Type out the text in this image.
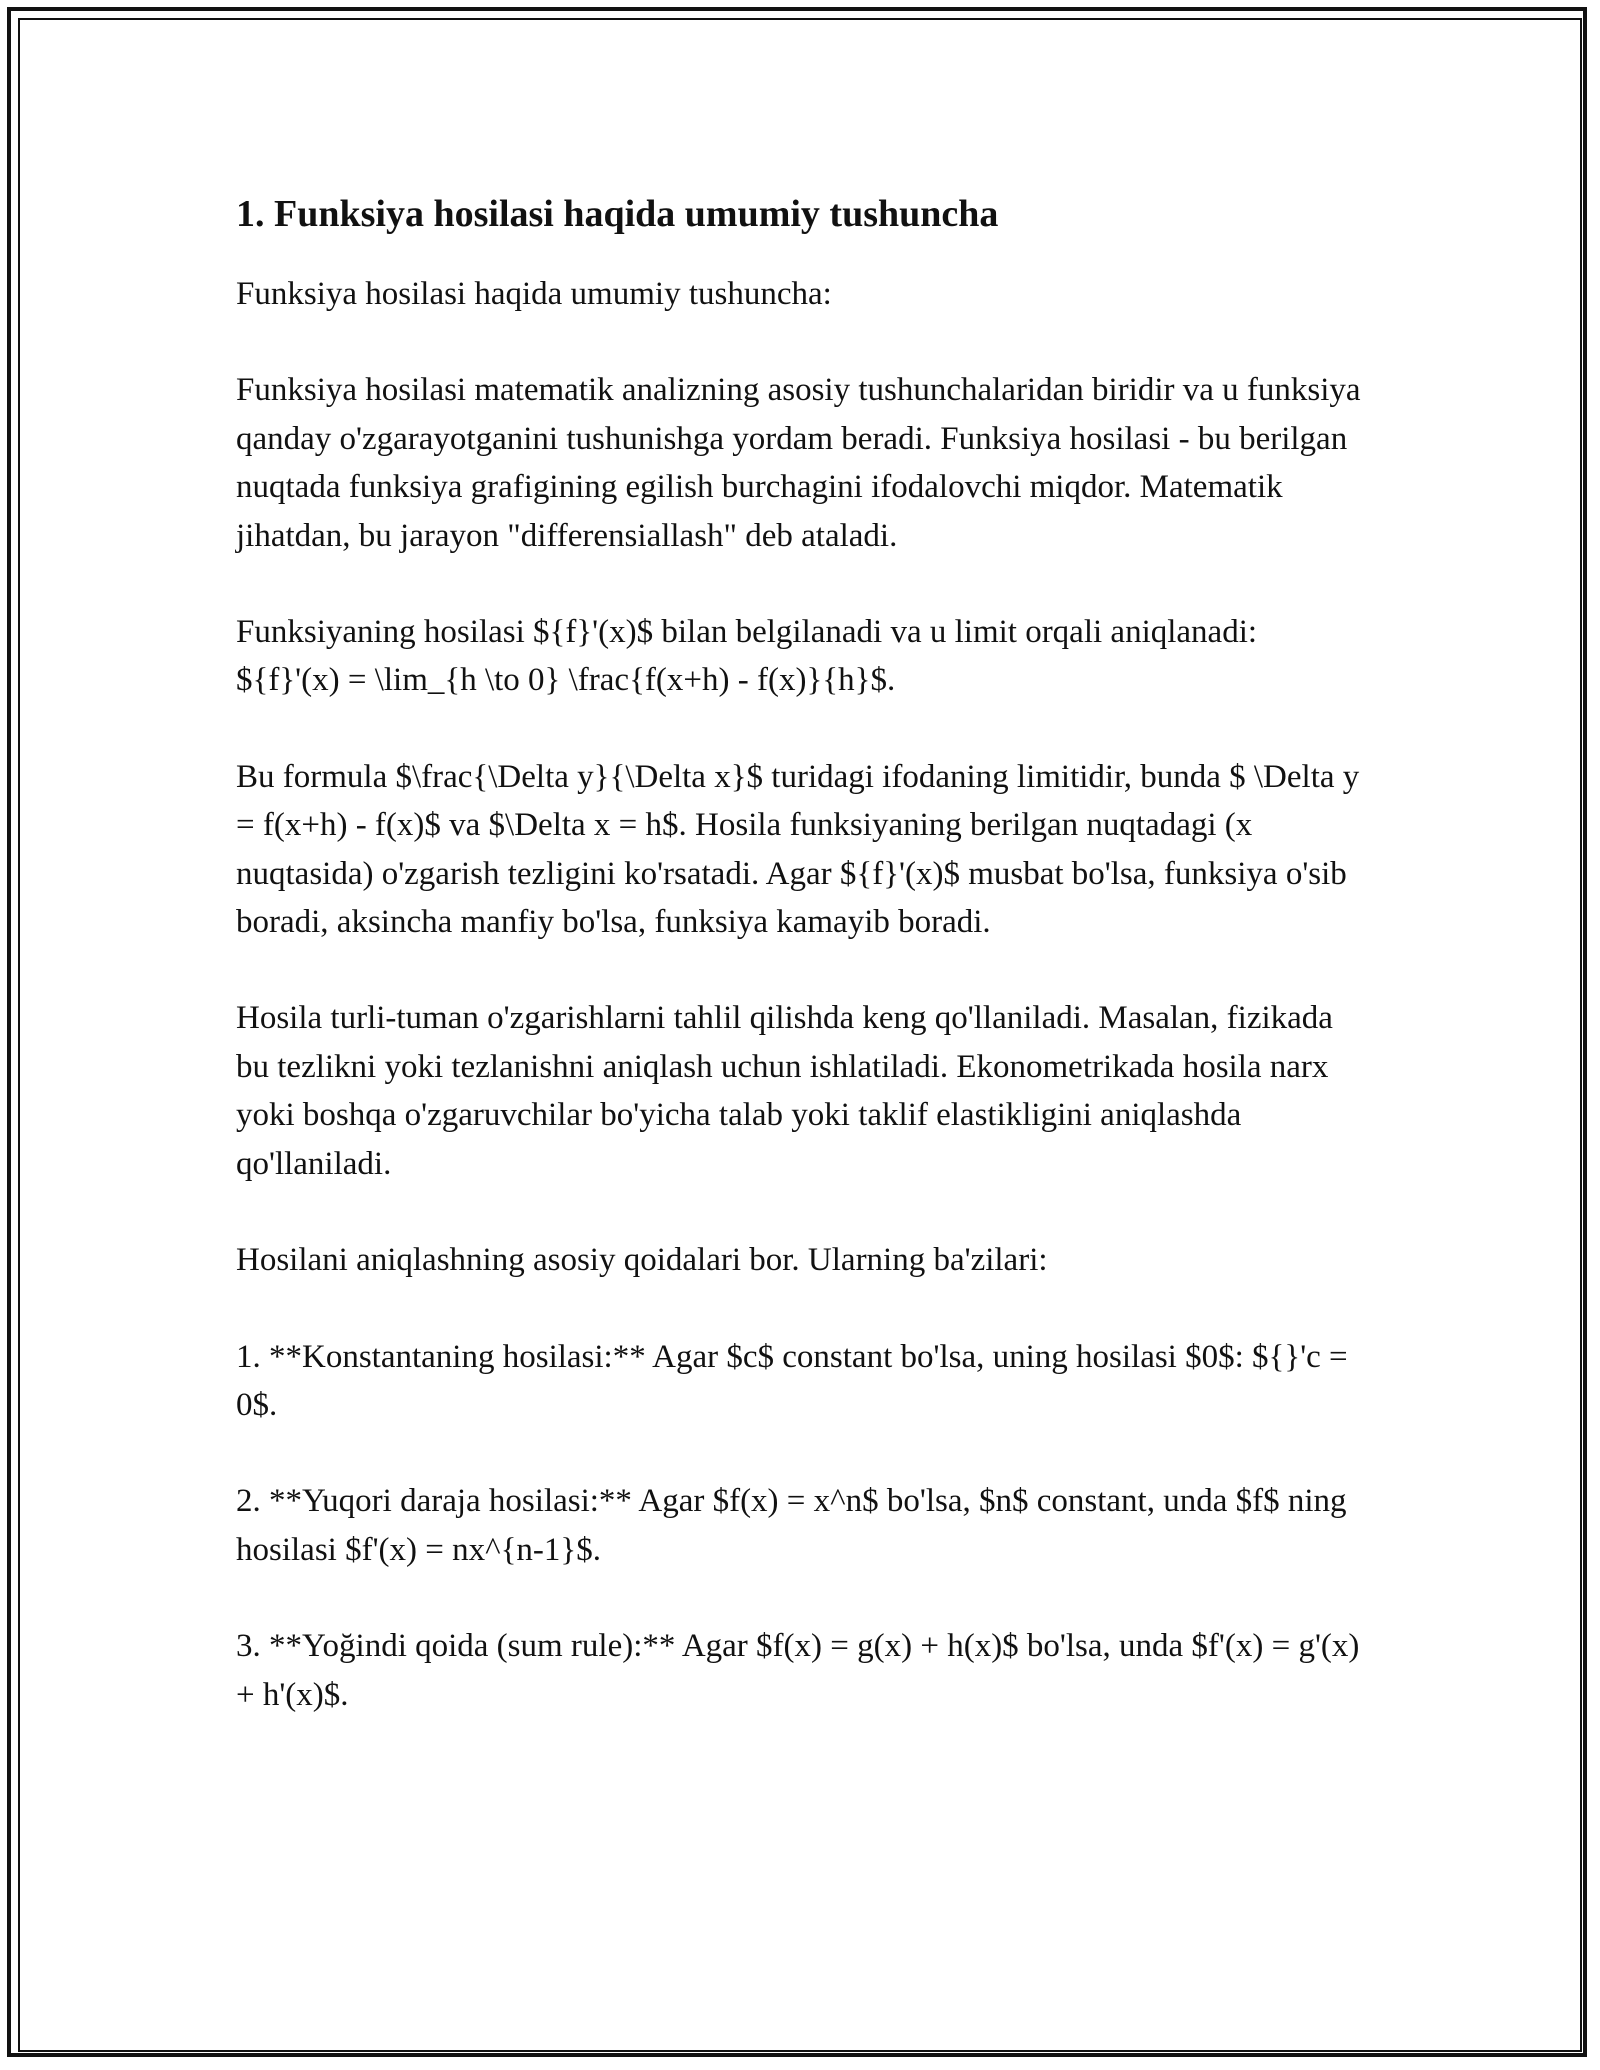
1. Funksiya hosilasi haqida umumiy tushuncha

Funksiya hosilasi haqida umumiy tushuncha:

Funksiya hosilasi matematik analizning asosiy tushunchalaridan biridir va u funksiya qanday o'zgarayotganini tushunishga yordam beradi. Funksiya hosilasi - bu berilgan nuqtada funksiya grafigining egilish burchagini ifodalovchi miqdor. Matematik jihatdan, bu jarayon "differensiallash" deb ataladi.

Funksiyaning hosilasi ${f}'(x)$ bilan belgilanadi va u limit orqali aniqlanadi: ${f}'(x) = \lim_{h \to 0} \frac{f(x+h) - f(x)}{h}$.

Bu formula $\frac{\Delta y}{\Delta x}$ turidagi ifodaning limitidir, bunda $ \Delta y = f(x+h) - f(x)$ va $\Delta x = h$. Hosila funksiyaning berilgan nuqtadagi (x nuqtasida) o'zgarish tezligini ko'rsatadi. Agar ${f}'(x)$ musbat bo'lsa, funksiya o'sib boradi, aksincha manfiy bo'lsa, funksiya kamayib boradi.

Hosila turli-tuman o'zgarishlarni tahlil qilishda keng qo'llaniladi. Masalan, fizikada bu tezlikni yoki tezlanishni aniqlash uchun ishlatiladi. Ekonometrikada hosila narx yoki boshqa o'zgaruvchilar bo'yicha talab yoki taklif elastikligini aniqlashda qo'llaniladi.

Hosilani aniqlashning asosiy qoidalari bor. Ularning ba'zilari:

1. **Konstantaning hosilasi:** Agar $c$ constant bo'lsa, uning hosilasi $0$: ${}'c = 0$.

2. **Yuqori daraja hosilasi:** Agar $f(x) = x^n$ bo'lsa, $n$ constant, unda $f$ ning hosilasi $f'(x) = nx^{n-1}$.

3. **Yoğindi qoida (sum rule):** Agar $f(x) = g(x) + h(x)$ bo'lsa, unda $f'(x) = g'(x) + h'(x)$.
